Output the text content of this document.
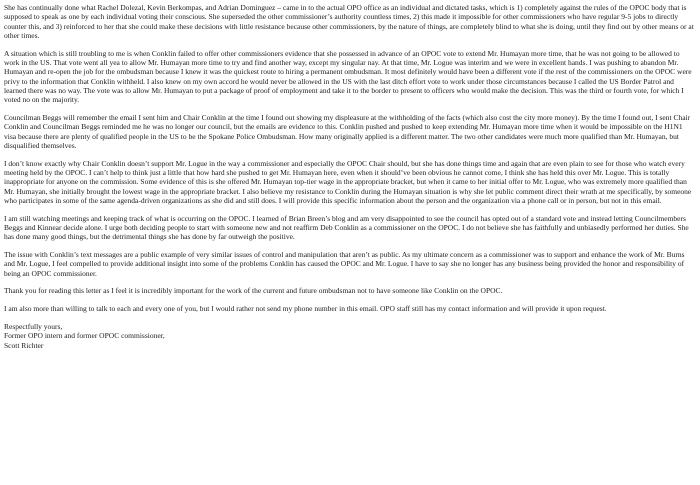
She has continually done what Rachel Dolezal, Kevin Berkompas, and Adrian Dominguez – came in to the actual OPO office as an individual and dictated tasks, which is 1) completely against the rules of the OPOC body that is supposed to speak as one by each individual voting their conscious. She superseded the other commissioner’s authority countless times, 2) this made it impossible for other commissioners who have regular 9-5 jobs to directly counter this, and 3) reinforced to her that she could make these decisions with little resistance because other commissioners, by the nature of things, are completely blind to what she is doing, until they find out by other means or at other times.

A situation which is still troubling to me is when Conklin failed to offer other commissioners evidence that she possessed in advance of an OPOC vote to extend Mr. Humayan more time, that he was not going to be allowed to work in the US. That vote went all yea to allow Mr. Humayan more time to try and find another way, except my singular nay. At that time, Mr. Logue was interim and we were in excellent hands. I was pushing to abandon Mr. Humayan and re-open the job for the ombudsman because I knew it was the quickest route to hiring a permanent ombudsman. It most definitely would have been a different vote if the rest of the commissioners on the OPOC were privy to the information that Conklin withheld. I also knew on my own accord he would never be allowed in the US with the last ditch effort vote to work under those circumstances because I called the US Border Patrol and learned there was no way. The vote was to allow Mr. Humayan to put a package of proof of employment and take it to the border to present to officers who would make the decision. This was the third or fourth vote, for which I voted no on the majority.

Councilman Beggs will remember the email I sent him and Chair Conklin at the time I found out showing my displeasure at the withholding of the facts (which also cost the city more money). By the time I found out, I sent Chair Conklin and Councilman Beggs reminded me he was no longer our council, but the emails are evidence to this. Conklin pushed and pushed to keep extending Mr. Humayan more time when it would be impossible on the H1N1 visa because there are plenty of qualified people in the US to be the Spokane Police Ombudsman. How many originally applied is a different matter. The two other candidates were much more qualified than Mr. Humayan, but disqualified themselves.

I don’t know exactly why Chair Conklin doesn’t support Mr. Logue in the way a commissioner and especially the OPOC Chair should, but she has done things time and again that are even plain to see for those who watch every meeting held by the OPOC. I can’t help to think just a little that how hard she pushed to get Mr. Humayan here, even when it should’ve been obvious he cannot come, I think she has held this over Mr. Logue. This is totally inappropriate for anyone on the commission. Some evidence of this is she offered Mr. Humayan top-tier wage in the appropriate bracket, but when it came to her initial offer to Mr. Logue, who was extremely more qualified than Mr. Humayan, she initially brought the lowest wage in the appropriate bracket. I also believe my resistance to Conklin during the Humayan situation is why she let public comment direct their wrath at me specifically, by someone who participates in some of the same agenda-driven organizations as she did and still does. I will provide this specific information about the person and the organization via a phone call or in person, but not in this email.

I am still watching meetings and keeping track of what is occurring on the OPOC. I learned of Brian Breen’s blog and am very disappointed to see the council has opted out of a standard vote and instead letting Councilmembers Beggs and Kinnear decide alone. I urge both deciding people to start with someone new and not reaffirm Deb Conklin as a commissioner on the OPOC. I do not believe she has faithfully and unbiasedly performed her duties. She has done many good things, but the detrimental things she has done by far outweigh the positive.

The issue with Conklin’s text messages are a public example of very similar issues of control and manipulation that aren’t as public. As my ultimate concern as a commissioner was to support and enhance the work of Mr. Burns and Mr. Logue, I feel compelled to provide additional insight into some of the problems Conklin has caused the OPOC and Mr. Logue. I have to say she no longer has any business being provided the honor and responsibility of being an OPOC commissioner.

Thank you for reading this letter as I feel it is incredibly important for the work of the current and future ombudsman not to have someone like Conklin on the OPOC.

I am also more than willing to talk to each and every one of you, but I would rather not send my phone number in this email. OPO staff still has my contact information and will provide it upon request.

Respectfully yours,
Former OPO intern and former OPOC commissioner,
Scott Richter
